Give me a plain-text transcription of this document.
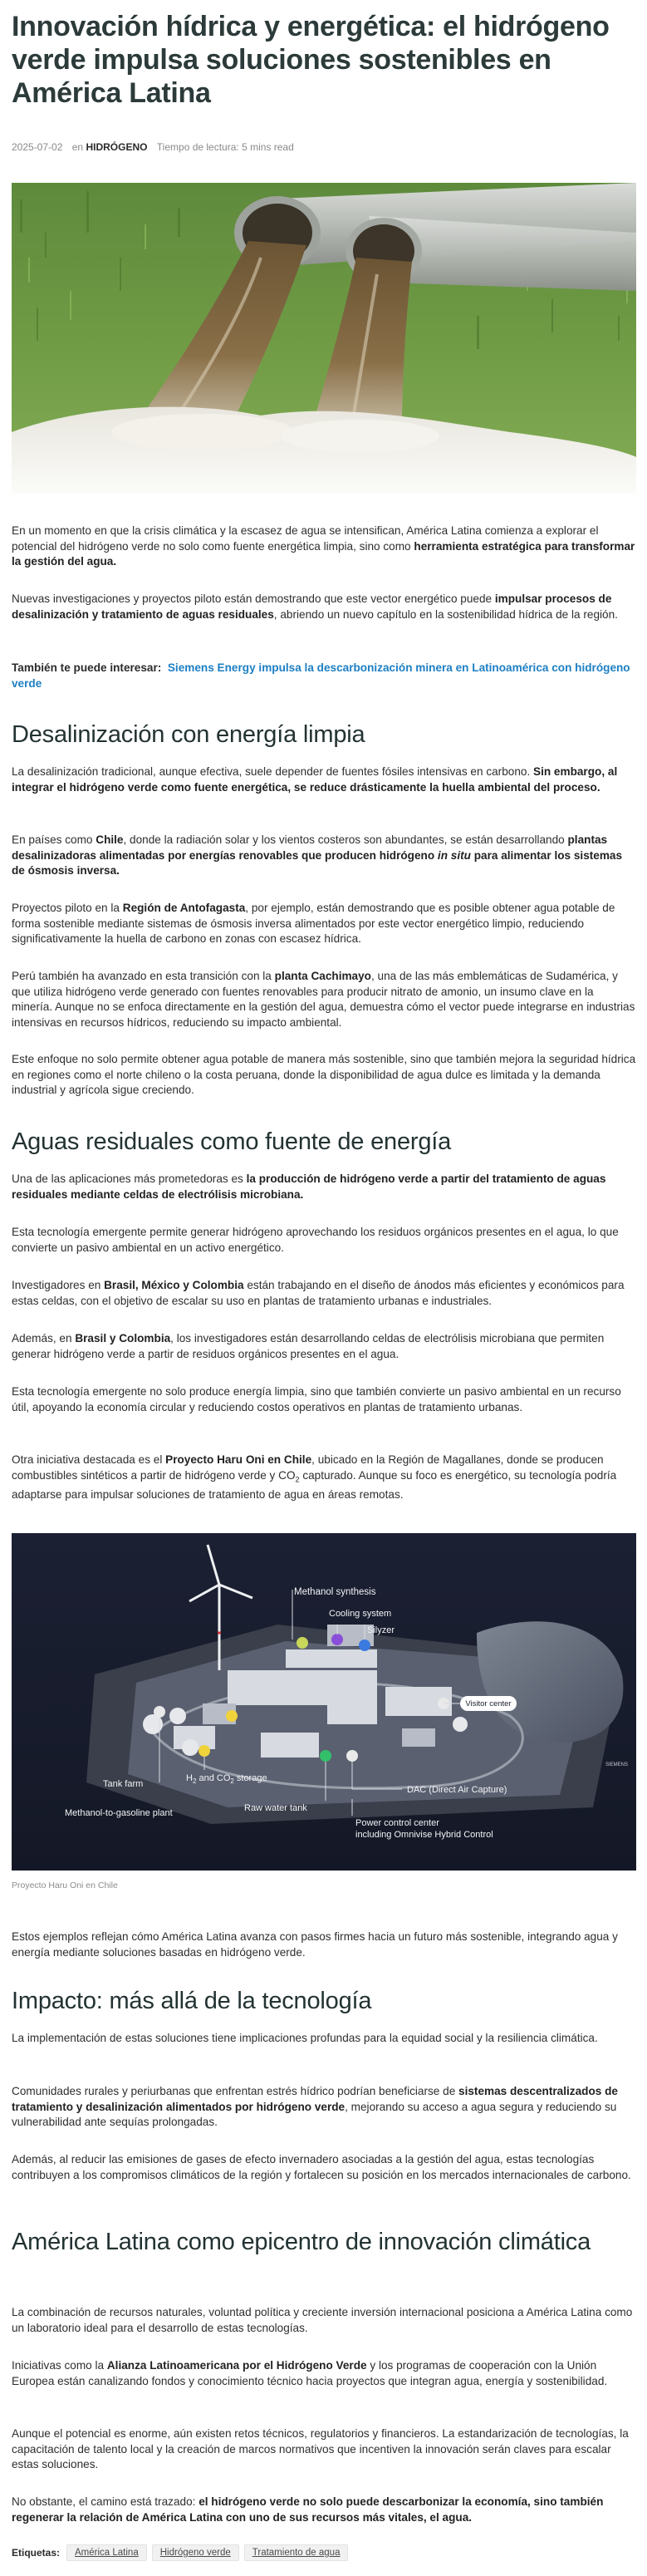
Innovación hídrica y energética: el hidrógeno verde impulsa soluciones sostenibles en América Latina
2025-07-02 en HIDRÓGENO Tiempo de lectura: 5 mins read

En un momento en que la crisis climática y la escasez de agua se intensifican, América Latina comienza a explorar el potencial del hidrógeno verde no solo como fuente energética limpia, sino como herramienta estratégica para transformar la gestión del agua.

Nuevas investigaciones y proyectos piloto están demostrando que este vector energético puede impulsar procesos de desalinización y tratamiento de aguas residuales, abriendo un nuevo capítulo en la sostenibilidad hídrica de la región.

También te puede interesar: Siemens Energy impulsa la descarbonización minera en Latinoamérica con hidrógeno verde
Desalinización con energía limpia

La desalinización tradicional, aunque efectiva, suele depender de fuentes fósiles intensivas en carbono. Sin embargo, al integrar el hidrógeno verde como fuente energética, se reduce drásticamente la huella ambiental del proceso.

En países como Chile, donde la radiación solar y los vientos costeros son abundantes, se están desarrollando plantas desalinizadoras alimentadas por energías renovables que producen hidrógeno in situ para alimentar los sistemas de ósmosis inversa.

Proyectos piloto en la Región de Antofagasta, por ejemplo, están demostrando que es posible obtener agua potable de forma sostenible mediante sistemas de ósmosis inversa alimentados por este vector energético limpio, reduciendo significativamente la huella de carbono en zonas con escasez hídrica.

Perú también ha avanzado en esta transición con la planta Cachimayo, una de las más emblemáticas de Sudamérica, y que utiliza hidrógeno verde generado con fuentes renovables para producir nitrato de amonio, un insumo clave en la minería. Aunque no se enfoca directamente en la gestión del agua, demuestra cómo el vector puede integrarse en industrias intensivas en recursos hídricos, reduciendo su impacto ambiental.

Este enfoque no solo permite obtener agua potable de manera más sostenible, sino que también mejora la seguridad hídrica en regiones como el norte chileno o la costa peruana, donde la disponibilidad de agua dulce es limitada y la demanda industrial y agrícola sigue creciendo.

Aguas residuales como fuente de energía

Una de las aplicaciones más prometedoras es la producción de hidrógeno verde a partir del tratamiento de aguas residuales mediante celdas de electrólisis microbiana.

Esta tecnología emergente permite generar hidrógeno aprovechando los residuos orgánicos presentes en el agua, lo que convierte un pasivo ambiental en un activo energético.

Investigadores en Brasil, México y Colombia están trabajando en el diseño de ánodos más eficientes y económicos para estas celdas, con el objetivo de escalar su uso en plantas de tratamiento urbanas e industriales.

Además, en Brasil y Colombia, los investigadores están desarrollando celdas de electrólisis microbiana que permiten generar hidrógeno verde a partir de residuos orgánicos presentes en el agua.

Esta tecnología emergente no solo produce energía limpia, sino que también convierte un pasivo ambiental en un recurso útil, apoyando la economía circular y reduciendo costos operativos en plantas de tratamiento urbanas.

Otra iniciativa destacada es el Proyecto Haru Oni en Chile, ubicado en la Región de Magallanes, donde se producen combustibles sintéticos a partir de hidrógeno verde y $CO_2$ capturado. Aunque su foco es energético, su tecnología podría adaptarse para impulsar soluciones de tratamiento de agua en áreas remotas.

Methanol synthesis
Cooling system
Silyzer
Visitor center
Tank farm
$H_2$ and $CO_2$ storage
Methanol-to-gasoline plant	Raw water tank
DAC (Direct Air Capture)
Power control center
including Omnivise Hybrid Control
SIEMENS
Proyecto Haru Oni en Chile

Estos ejemplos reflejan cómo América Latina avanza con pasos firmes hacia un futuro más sostenible, integrando agua y energía mediante soluciones basadas en hidrógeno verde.

Impacto: más allá de la tecnología

La implementación de estas soluciones tiene implicaciones profundas para la equidad social y la resiliencia climática.

Comunidades rurales y periurbanas que enfrentan estrés hídrico podrían beneficiarse de sistemas descentralizados de tratamiento y desalinización alimentados por hidrógeno verde, mejorando su acceso a agua segura y reduciendo su vulnerabilidad ante sequías prolongadas.

Además, al reducir las emisiones de gases de efecto invernadero asociadas a la gestión del agua, estas tecnologías contribuyen a los compromisos climáticos de la región y fortalecen su posición en los mercados internacionales de carbono.

América Latina como epicentro de innovación climática

La combinación de recursos naturales, voluntad política y creciente inversión internacional posiciona a América Latina como un laboratorio ideal para el desarrollo de estas tecnologías.

Iniciativas como la Alianza Latinoamericana por el Hidrógeno Verde y los programas de cooperación con la Unión Europea están canalizando fondos y conocimiento técnico hacia proyectos que integran agua, energía y sostenibilidad.

Aunque el potencial es enorme, aún existen retos técnicos, regulatorios y financieros. La estandarización de tecnologías, la capacitación de talento local y la creación de marcos normativos que incentiven la innovación serán claves para escalar estas soluciones.

No obstante, el camino está trazado: el hidrógeno verde no solo puede descarbonizar la economía, sino también regenerar la relación de América Latina con uno de sus recursos más vitales, el agua.

Etiquetas:	América Latina	Hidrógeno verde	Tratamiento de agua
